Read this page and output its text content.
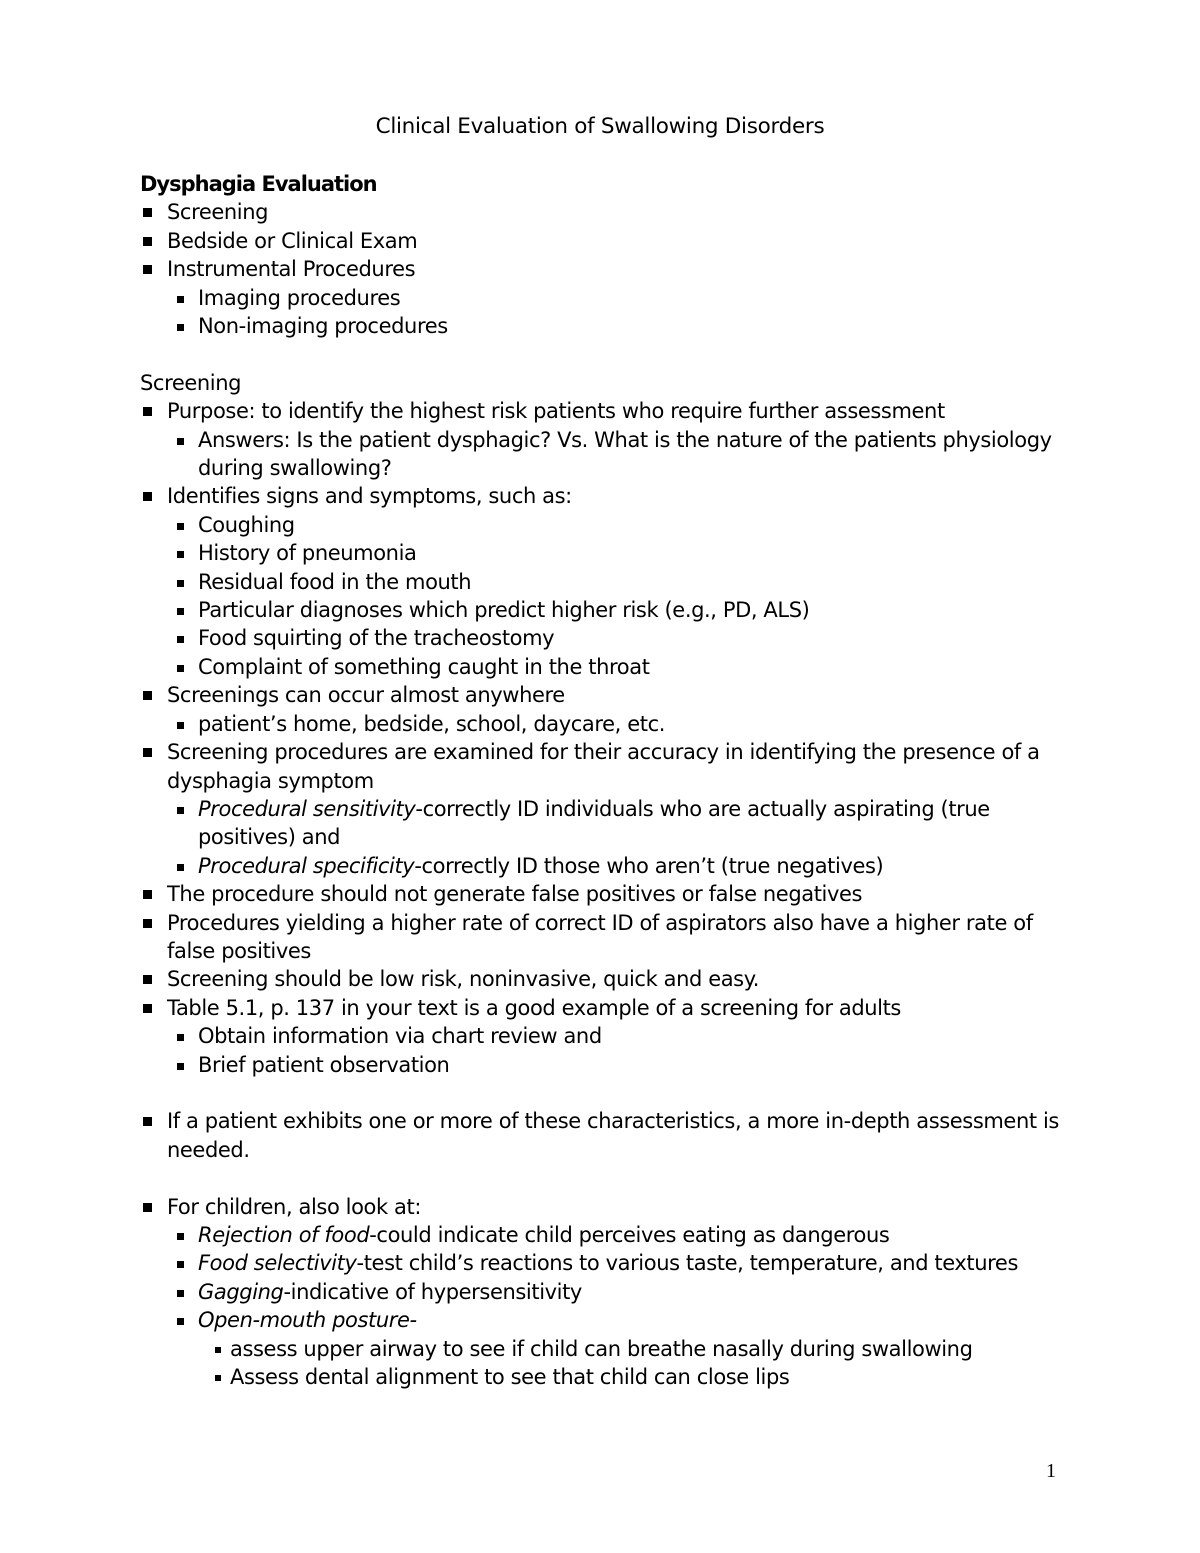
Clinical Evaluation of Swallowing Disorders

Dysphagia Evaluation

Screening
Bedside or Clinical Exam
Instrumental Procedures
Imaging procedures
Non-imaging procedures

Screening

Purpose: to identify the highest risk patients who require further assessment
Answers: Is the patient dysphagic? Vs. What is the nature of the patients physiology during swallowing?
Identifies signs and symptoms, such as:
Coughing
History of pneumonia
Residual food in the mouth
Particular diagnoses which predict higher risk (e.g., PD, ALS)
Food squirting of the tracheostomy
Complaint of something caught in the throat
Screenings can occur almost anywhere
patient’s home, bedside, school, daycare, etc.
Screening procedures are examined for their accuracy in identifying the presence of a dysphagia symptom
Procedural sensitivity-correctly ID individuals who are actually aspirating (true positives) and
Procedural specificity-correctly ID those who aren’t (true negatives)
The procedure should not generate false positives or false negatives
Procedures yielding a higher rate of correct ID of aspirators also have a higher rate of false positives
Screening should be low risk, noninvasive, quick and easy.
Table 5.1, p. 137 in your text is a good example of a screening for adults
Obtain information via chart review and
Brief patient observation
If a patient exhibits one or more of these characteristics, a more in-depth assessment is needed.
For children, also look at:
Rejection of food-could indicate child perceives eating as dangerous
Food selectivity-test child’s reactions to various taste, temperature, and textures
Gagging-indicative of hypersensitivity
Open-mouth posture-
assess upper airway to see if child can breathe nasally during swallowing
Assess dental alignment to see that child can close lips
1
